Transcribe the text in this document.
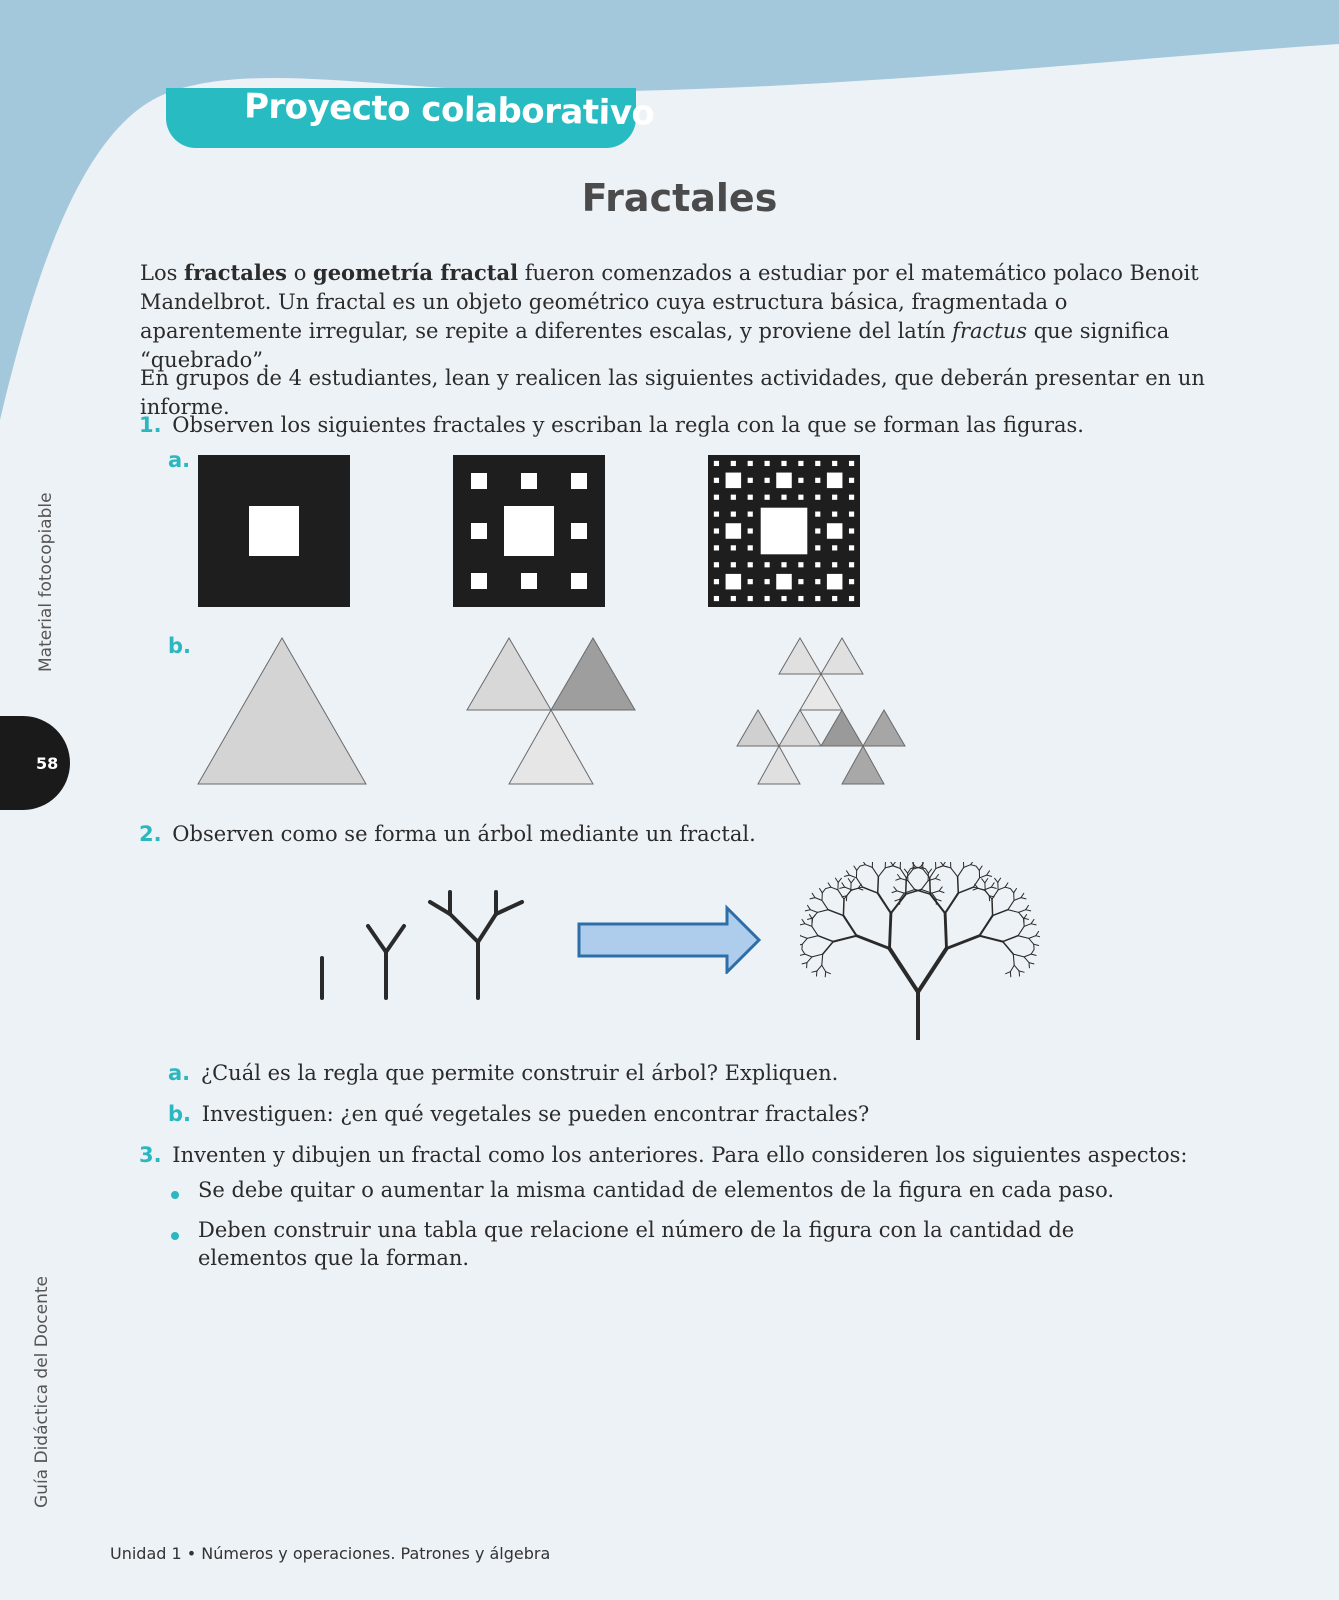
Proyecto colaborativo
Fractales
Los fractales o geometría fractal fueron comenzados a estudiar por el matemático polaco Benoit Mandelbrot. Un fractal es un objeto geométrico cuya estructura básica, fragmentada o aparentemente irregular, se repite a diferentes escalas, y proviene del latín fractus que significa “quebrado”.
En grupos de 4 estudiantes, lean y realicen las siguientes actividades, que deberán presentar en un informe.
1. Observen los siguientes fractales y escriban la regla con la que se forman las figuras.
a.
b.
2. Observen como se forma un árbol mediante un fractal.
a. ¿Cuál es la regla que permite construir el árbol? Expliquen.
b. Investiguen: ¿en qué vegetales se pueden encontrar fractales?
3. Inventen y dibujen un fractal como los anteriores. Para ello consideren los siguientes aspectos:
Se debe quitar o aumentar la misma cantidad de elementos de la figura en cada paso.
Deben construir una tabla que relacione el número de la figura con la cantidad de elementos que la forman.
Material fotocopiable
58
Guía Didáctica del Docente
Unidad 1 • Números y operaciones. Patrones y álgebra
